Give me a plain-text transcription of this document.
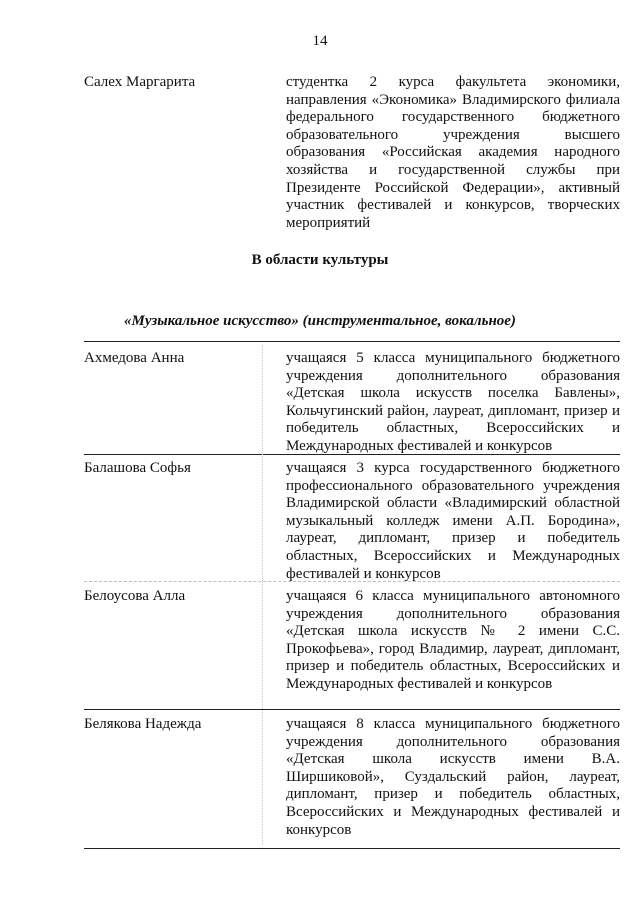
14
Салех Маргарита	студентка 2 курса факультета экономики, направления «Экономика» Владимирского филиала федерального государственного бюджетного образовательного учреждения высшего образования «Российская академия народного хозяйства и государственной службы при Президенте Российской Федерации», активный участник фестивалей и конкурсов, творческих мероприятий
В области культуры
«Музыкальное искусство» (инструментальное, вокальное)
Ахмедова Анна	учащаяся 5 класса муниципального бюджетного учреждения дополнительного образования «Детская школа искусств поселка Бавлены», Кольчугинский район, лауреат, дипломант, призер и победитель областных, Всероссийских и Международных фестивалей и конкурсов
Балашова Софья	учащаяся 3 курса государственного бюджетного профессионального образовательного учреждения Владимирской области «Владимирский областной музыкальный колледж имени А.П. Бородина», лауреат, дипломант, призер и победитель областных, Всероссийских и Международных фестивалей и конкурсов
Белоусова Алла	учащаяся 6 класса муниципального автономного учреждения дополнительного образования «Детская школа искусств № 2 имени С.С. Прокофьева», город Владимир, лауреат, дипломант, призер и победитель областных, Всероссийских и Международных фестивалей и конкурсов
Белякова Надежда	учащаяся 8 класса муниципального бюджетного учреждения дополнительного образования «Детская школа искусств имени В.А. Ширшиковой», Суздальский район, лауреат, дипломант, призер и победитель областных, Всероссийских и Международных фестивалей и конкурсов
